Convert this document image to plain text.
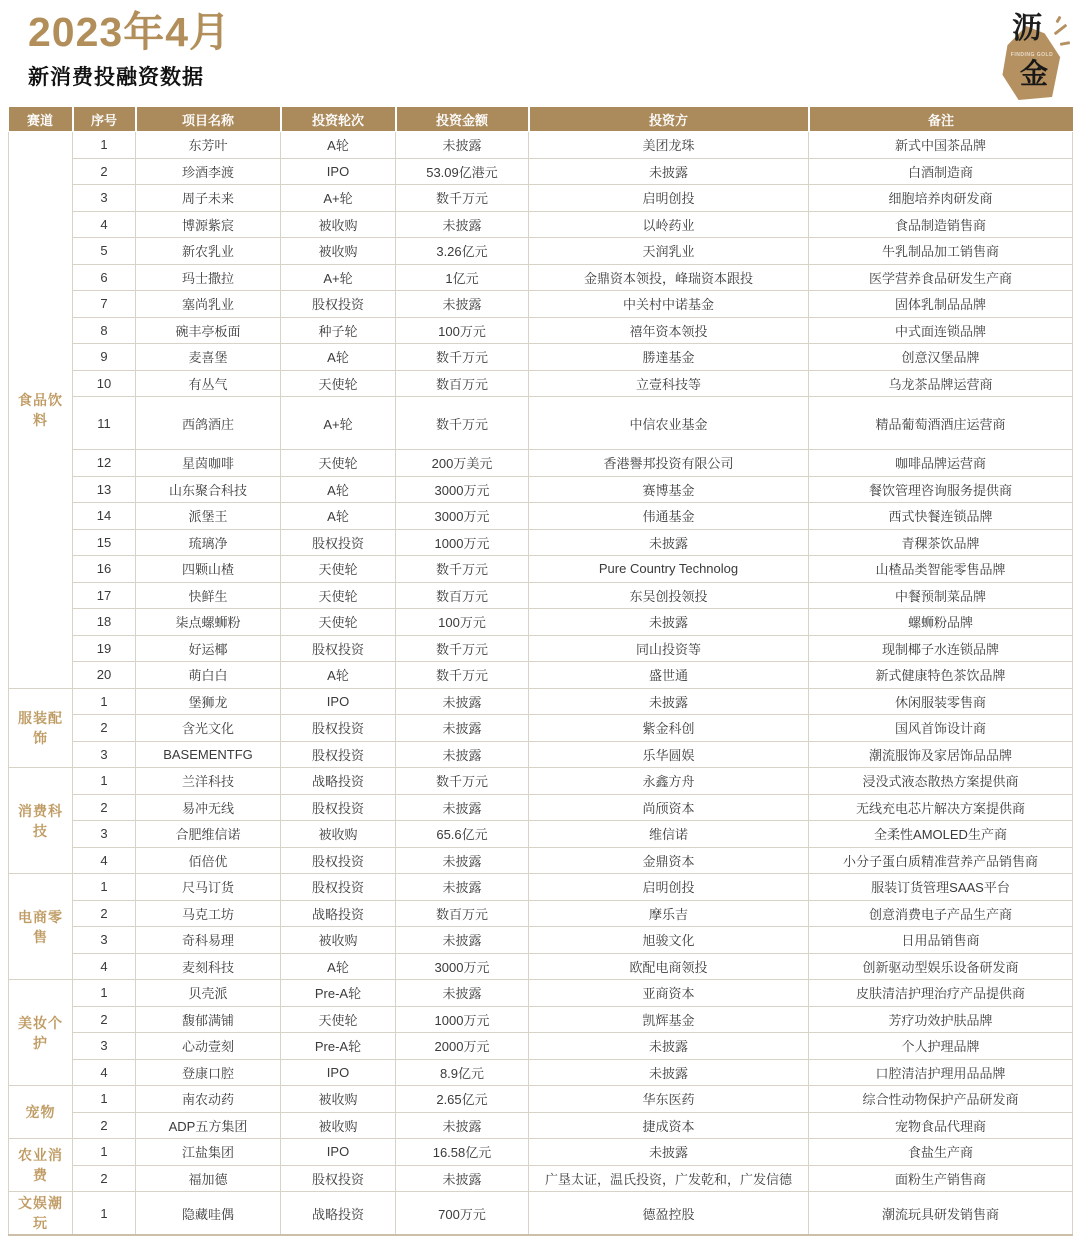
2023年4月
新消费投融资数据
沥
FINDING GOLD
金
赛道	序号	项目名称	投资轮次	投资金额	投资方	备注
食品饮料	1	东芳叶	A轮	未披露	美团龙珠	新式中国茶品牌
	2	珍酒李渡	IPO	53.09亿港元	未披露	白酒制造商
	3	周子未来	A+轮	数千万元	启明创投	细胞培养肉研发商
	4	博源紫宸	被收购	未披露	以岭药业	食品制造销售商
	5	新农乳业	被收购	3.26亿元	天润乳业	牛乳制品加工销售商
	6	玛士撒拉	A+轮	1亿元	金鼎资本领投，峰瑞资本跟投	医学营养食品研发生产商
	7	塞尚乳业	股权投资	未披露	中关村中诺基金	固体乳制品品牌
	8	碗丰亭板面	种子轮	100万元	禧年资本领投	中式面连锁品牌
	9	麦喜堡	A轮	数千万元	勝達基金	创意汉堡品牌
	10	有丛气	天使轮	数百万元	立壹科技等	乌龙茶品牌运营商
	11	西鸽酒庄	A+轮	数千万元	中信农业基金	精品葡萄酒酒庄运营商
	12	星茵咖啡	天使轮	200万美元	香港譽邦投资有限公司	咖啡品牌运营商
	13	山东聚合科技	A轮	3000万元	赛博基金	餐饮管理咨询服务提供商
	14	派堡王	A轮	3000万元	伟通基金	西式快餐连锁品牌
	15	琉璃净	股权投资	1000万元	未披露	青稞茶饮品牌
	16	四颗山楂	天使轮	数千万元	Pure Country Technolog	山楂品类智能零售品牌
	17	快鲜生	天使轮	数百万元	东吴创投领投	中餐预制菜品牌
	18	柒点螺蛳粉	天使轮	100万元	未披露	螺蛳粉品牌
	19	好运椰	股权投资	数千万元	同山投资等	现制椰子水连锁品牌
	20	萌白白	A轮	数千万元	盛世通	新式健康特色茶饮品牌
服装配饰	1	堡狮龙	IPO	未披露	未披露	休闲服装零售商
	2	含光文化	股权投资	未披露	紫金科创	国风首饰设计商
	3	BASEMENTFG	股权投资	未披露	乐华圆娱	潮流服饰及家居饰品品牌
消费科技	1	兰洋科技	战略投资	数千万元	永鑫方舟	浸没式液态散热方案提供商
	2	易冲无线	股权投资	未披露	尚颀资本	无线充电芯片解决方案提供商
	3	合肥维信诺	被收购	65.6亿元	维信诺	全柔性AMOLED生产商
	4	佰倍优	股权投资	未披露	金鼎资本	小分子蛋白质精准营养产品销售商
电商零售	1	尺马订货	股权投资	未披露	启明创投	服装订货管理SAAS平台
	2	马克工坊	战略投资	数百万元	摩乐吉	创意消费电子产品生产商
	3	奇科易理	被收购	未披露	旭骏文化	日用品销售商
	4	麦刻科技	A轮	3000万元	欧配电商领投	创新驱动型娱乐设备研发商
美妆个护	1	贝壳派	Pre-A轮	未披露	亚商资本	皮肤清洁护理治疗产品提供商
	2	馥郁满铺	天使轮	1000万元	凯辉基金	芳疗功效护肤品牌
	3	心动壹刻	Pre-A轮	2000万元	未披露	个人护理品牌
	4	登康口腔	IPO	8.9亿元	未披露	口腔清洁护理用品品牌
宠物	1	南农动药	被收购	2.65亿元	华东医药	综合性动物保护产品研发商
	2	ADP五方集团	被收购	未披露	捷成资本	宠物食品代理商
农业消费	1	江盐集团	IPO	16.58亿元	未披露	食盐生产商
	2	福加德	股权投资	未披露	广垦太证，温氏投资，广发乾和，广发信德	面粉生产销售商
文娱潮玩	1	隐藏哇偶	战略投资	700万元	德盈控股	潮流玩具研发销售商
